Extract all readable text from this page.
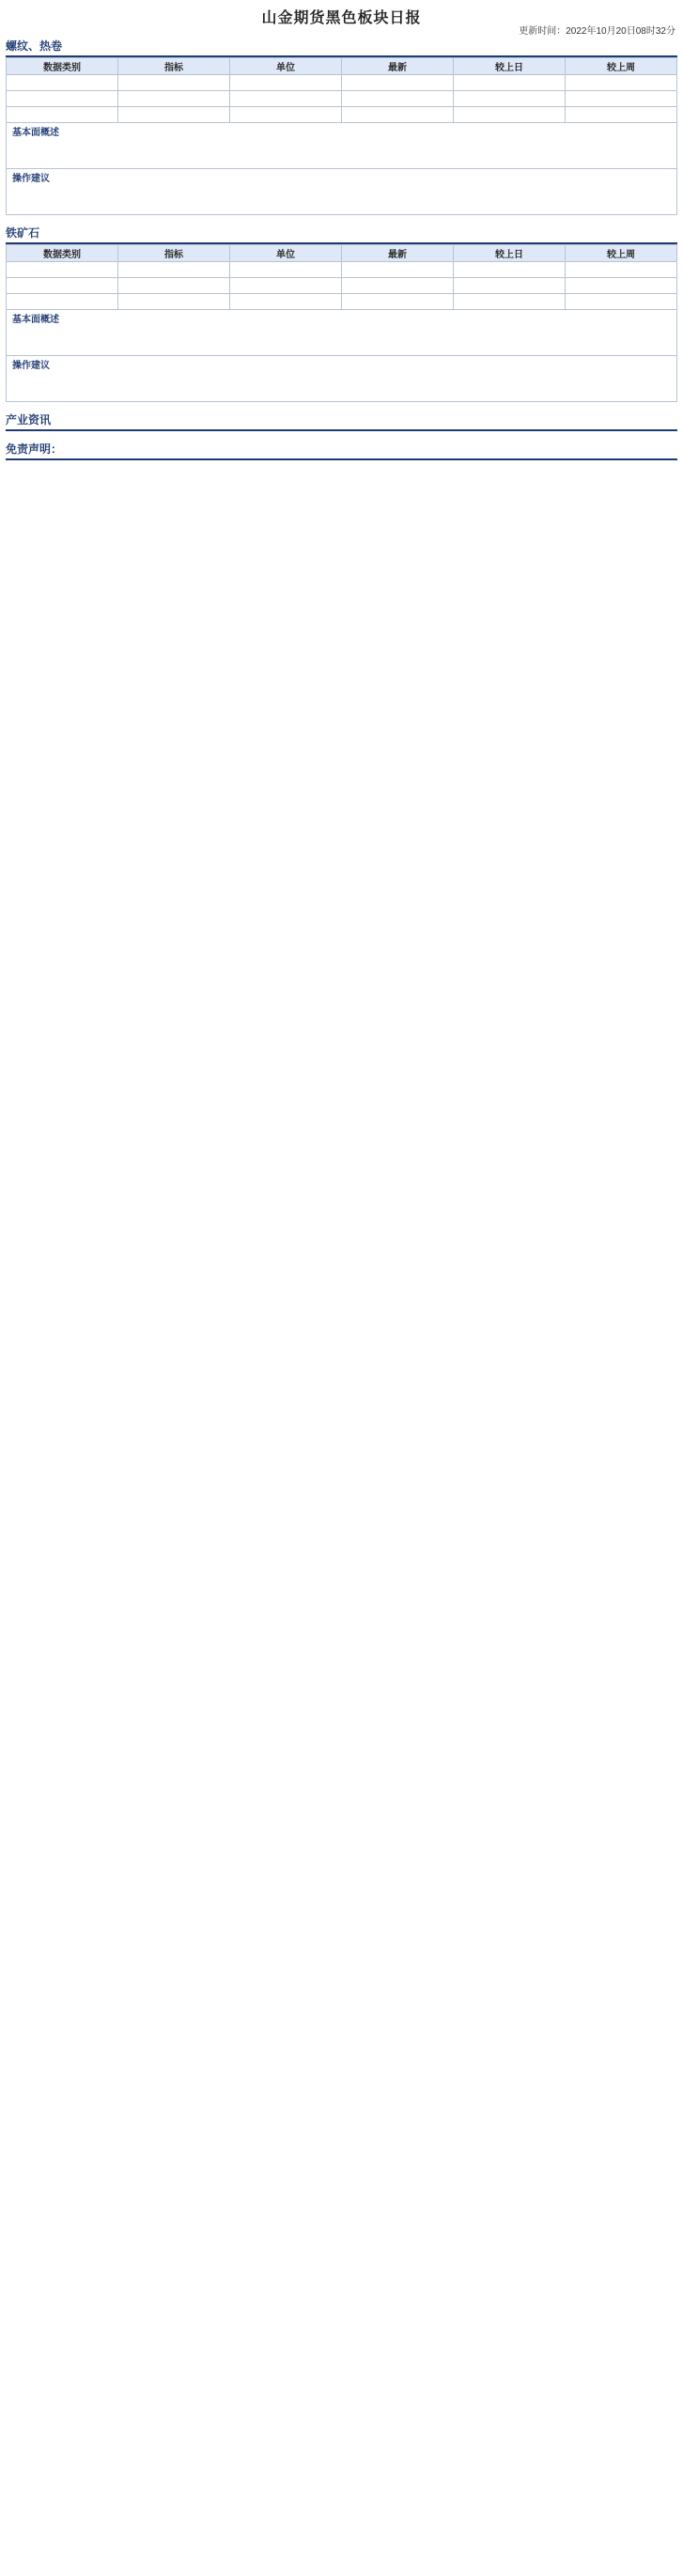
山金期货黑色板块日报
更新时间：2022年10月20日08时32分
螺纹、热卷
数据类别	指标	单位	最新	较上日	较上周

基本面概述
操作建议
铁矿石
数据类别	指标	单位	最新	较上日	较上周

基本面概述
操作建议
产业资讯
免责声明：
